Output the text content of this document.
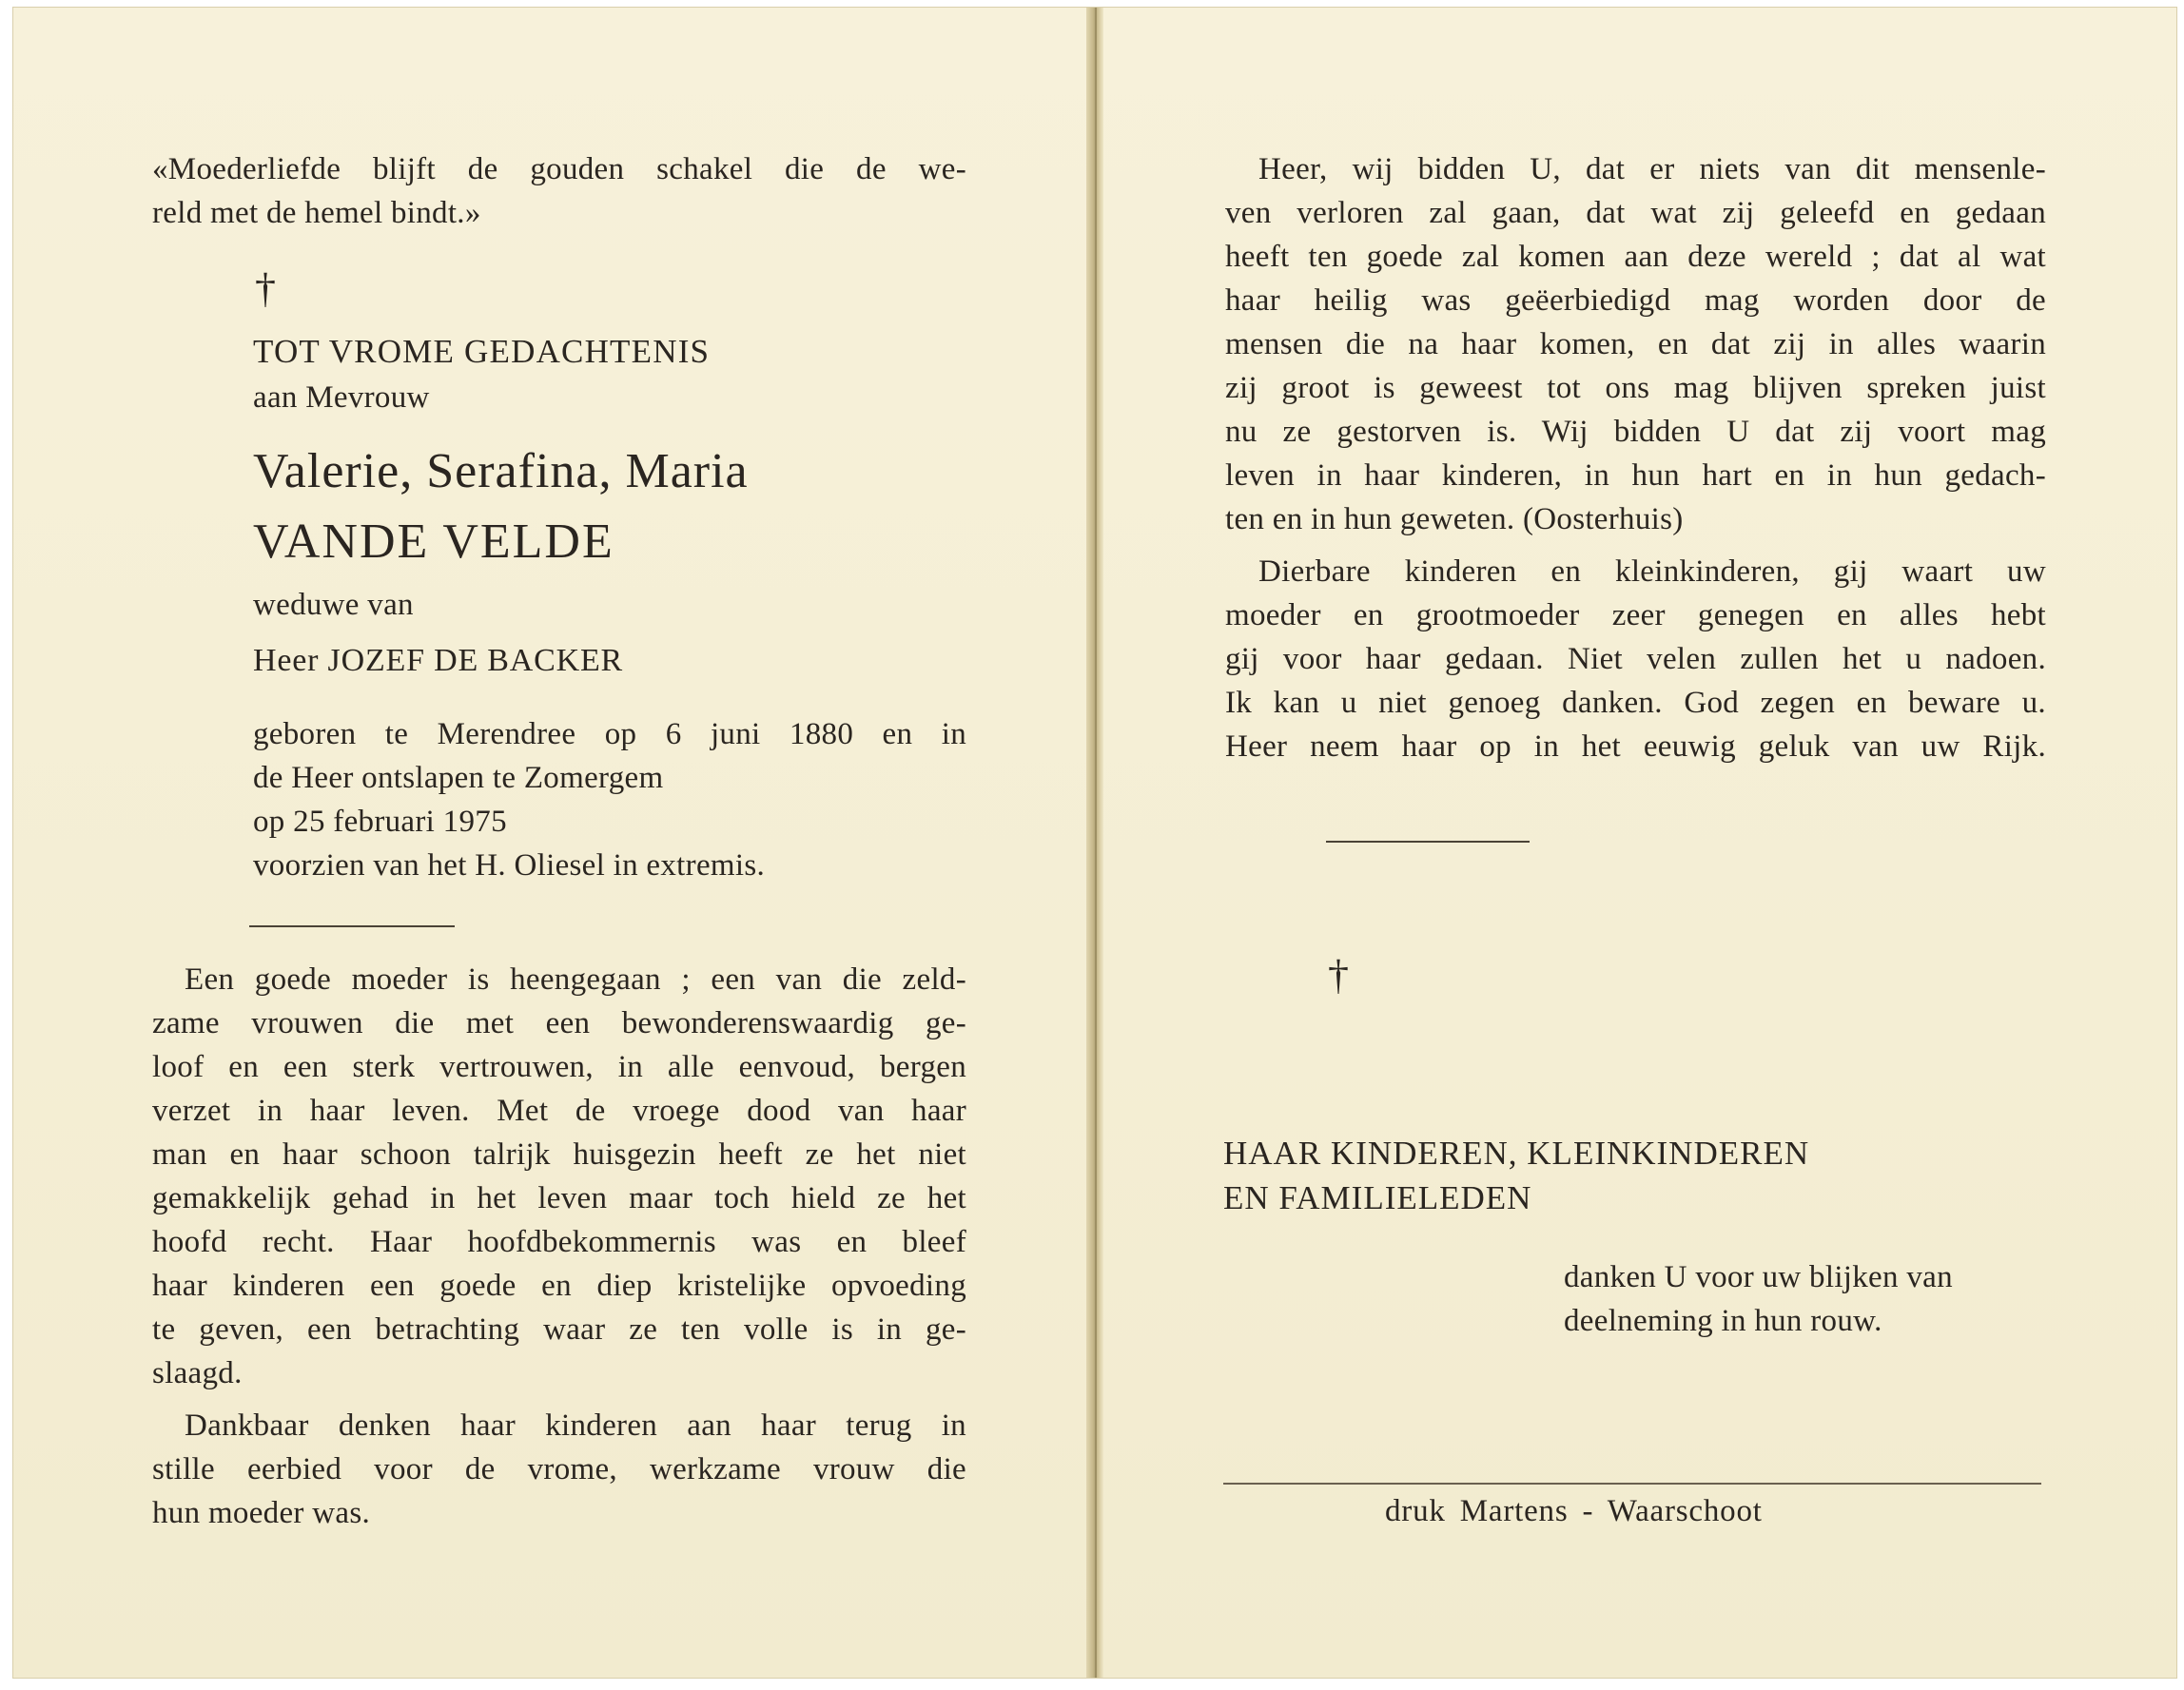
«Moederliefde blijft de gouden schakel die de we-
reld met de hemel bindt.»
†
TOT VROME GEDACHTENIS
aan Mevrouw
Valerie, Serafina, Maria
VANDE VELDE
weduwe van
Heer JOZEF DE BACKER
geboren te Merendree op 6 juni 1880 en in
de Heer ontslapen te Zomergem
op 25 februari 1975
voorzien van het H. Oliesel in extremis.
Een goede moeder is heengegaan ; een van die zeld-
zame vrouwen die met een bewonderenswaardig ge-
loof en een sterk vertrouwen, in alle eenvoud, bergen
verzet in haar leven. Met de vroege dood van haar
man en haar schoon talrijk huisgezin heeft ze het niet
gemakkelijk gehad in het leven maar toch hield ze het
hoofd recht. Haar hoofdbekommernis was en bleef
haar kinderen een goede en diep kristelijke opvoeding
te geven, een betrachting waar ze ten volle is in ge-
slaagd.
Dankbaar denken haar kinderen aan haar terug in
stille eerbied voor de vrome, werkzame vrouw die
hun moeder was.
Heer, wij bidden U, dat er niets van dit mensenle-
ven verloren zal gaan, dat wat zij geleefd en gedaan
heeft ten goede zal komen aan deze wereld ; dat al wat
haar heilig was geëerbiedigd mag worden door de
mensen die na haar komen, en dat zij in alles waarin
zij groot is geweest tot ons mag blijven spreken juist
nu ze gestorven is. Wij bidden U dat zij voort mag
leven in haar kinderen, in hun hart en in hun gedach-
ten en in hun geweten. (Oosterhuis)
Dierbare kinderen en kleinkinderen, gij waart uw
moeder en grootmoeder zeer genegen en alles hebt
gij voor haar gedaan. Niet velen zullen het u nadoen.
Ik kan u niet genoeg danken. God zegen en beware u.
Heer neem haar op in het eeuwig geluk van uw Rijk.
†
HAAR KINDEREN, KLEINKINDEREN
EN FAMILIELEDEN
danken U voor uw blijken van
deelneming in hun rouw.
druk Martens - Waarschoot
